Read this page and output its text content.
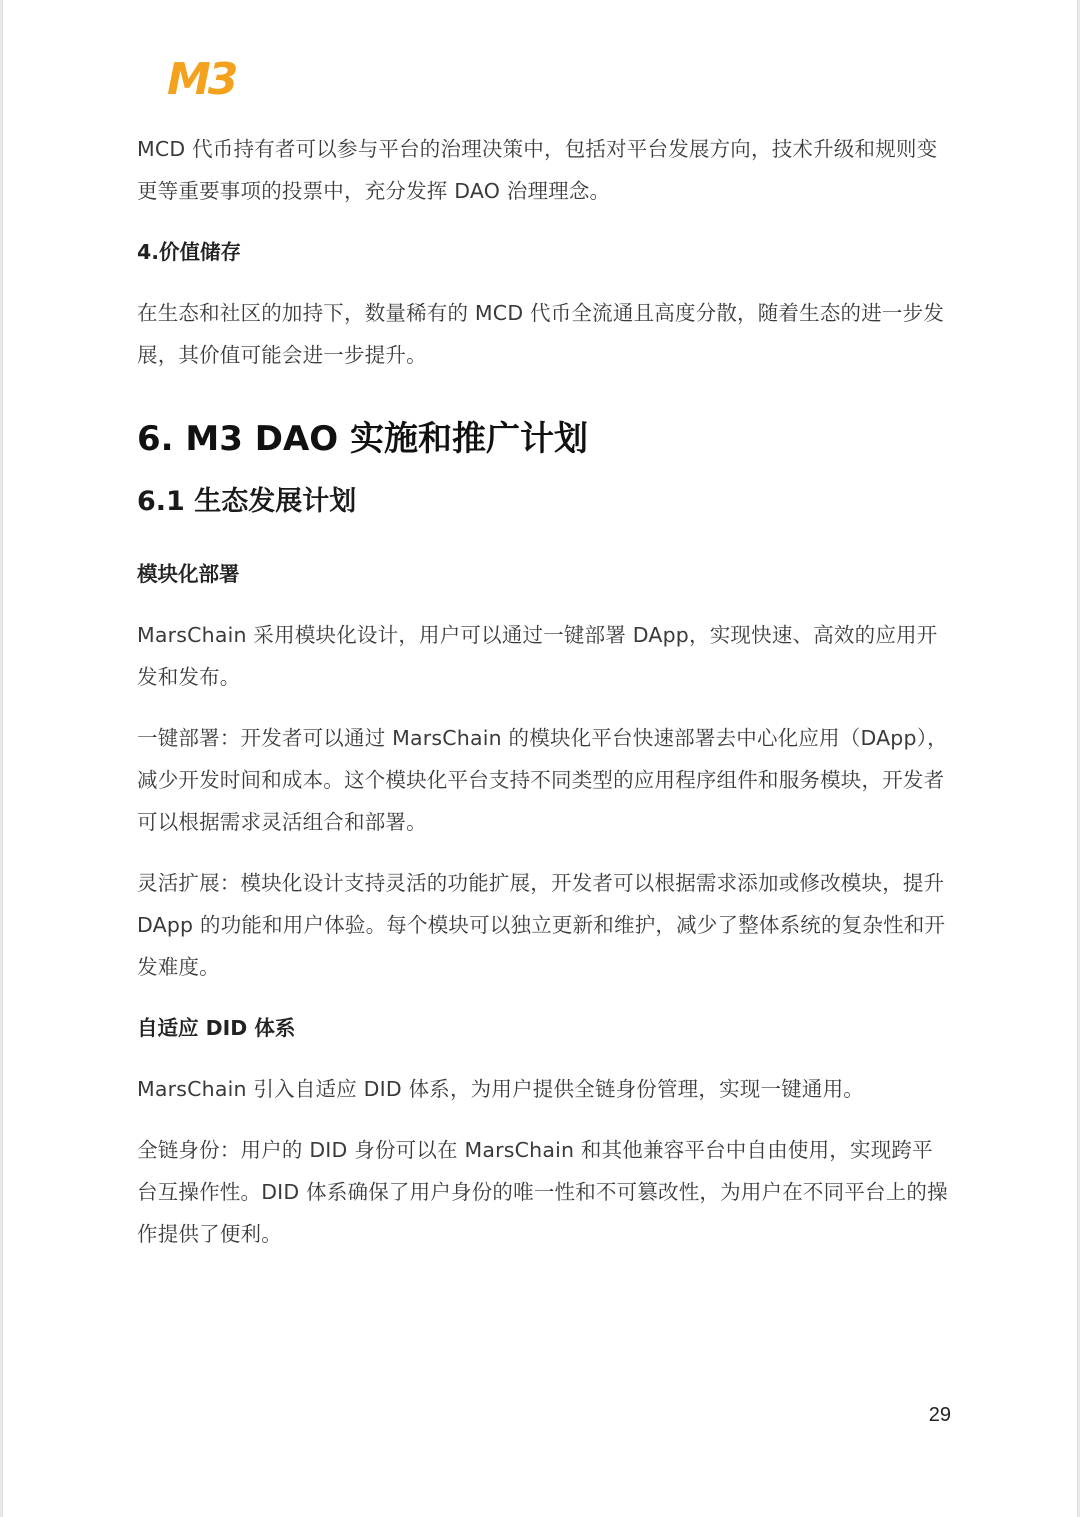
M3

MCD 代币持有者可以参与平台的治理决策中，包括对平台发展方向，技术升级和规则变更等重要事项的投票中，充分发挥 DAO 治理理念。

4.价值储存

在生态和社区的加持下，数量稀有的 MCD 代币全流通且高度分散，随着生态的进一步发展，其价值可能会进一步提升。

6. M3 DAO 实施和推广计划
6.1 生态发展计划

模块化部署

MarsChain 采用模块化设计，用户可以通过一键部署 DApp，实现快速、高效的应用开发和发布。

一键部署：开发者可以通过 MarsChain 的模块化平台快速部署去中心化应用（DApp），减少开发时间和成本。这个模块化平台支持不同类型的应用程序组件和服务模块，开发者可以根据需求灵活组合和部署。

灵活扩展：模块化设计支持灵活的功能扩展，开发者可以根据需求添加或修改模块，提升 DApp 的功能和用户体验。每个模块可以独立更新和维护，减少了整体系统的复杂性和开发难度。

自适应 DID 体系

MarsChain 引入自适应 DID 体系，为用户提供全链身份管理，实现一键通用。

全链身份：用户的 DID 身份可以在 MarsChain 和其他兼容平台中自由使用，实现跨平台互操作性。DID 体系确保了用户身份的唯一性和不可篡改性，为用户在不同平台上的操作提供了便利。

29
